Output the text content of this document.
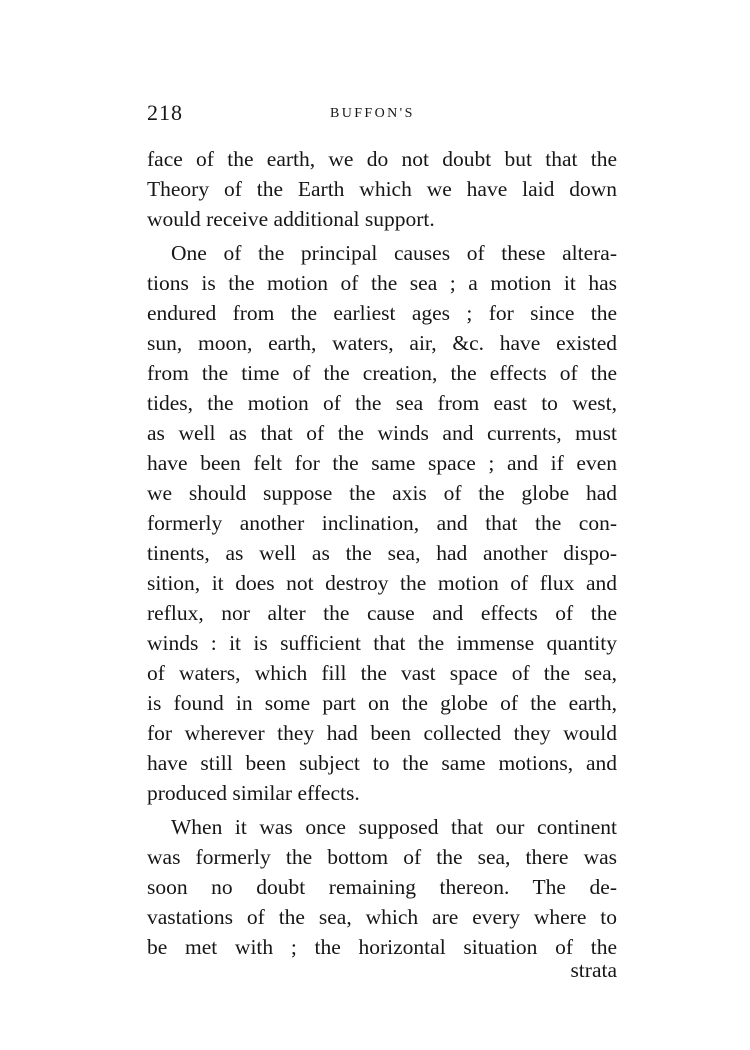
218	BUFFON'S
face of the earth, we do not doubt but that the
Theory of the Earth which we have laid down
would receive additional support.
One of the principal causes of these altera-
tions is the motion of the sea ; a motion it has
endured from the earliest ages ; for since the
sun, moon, earth, waters, air, &c. have existed
from the time of the creation, the effects of the
tides, the motion of the sea from east to west,
as well as that of the winds and currents, must
have been felt for the same space ; and if even
we should suppose the axis of the globe had
formerly another inclination, and that the con-
tinents, as well as the sea, had another dispo-
sition, it does not destroy the motion of flux and
reflux, nor alter the cause and effects of the
winds : it is sufficient that the immense quantity
of waters, which fill the vast space of the sea,
is found in some part on the globe of the earth,
for wherever they had been collected they would
have still been subject to the same motions, and
produced similar effects.
When it was once supposed that our continent
was formerly the bottom of the sea, there was
soon no doubt remaining thereon. The de-
vastations of the sea, which are every where to
be met with ; the horizontal situation of the
strata
